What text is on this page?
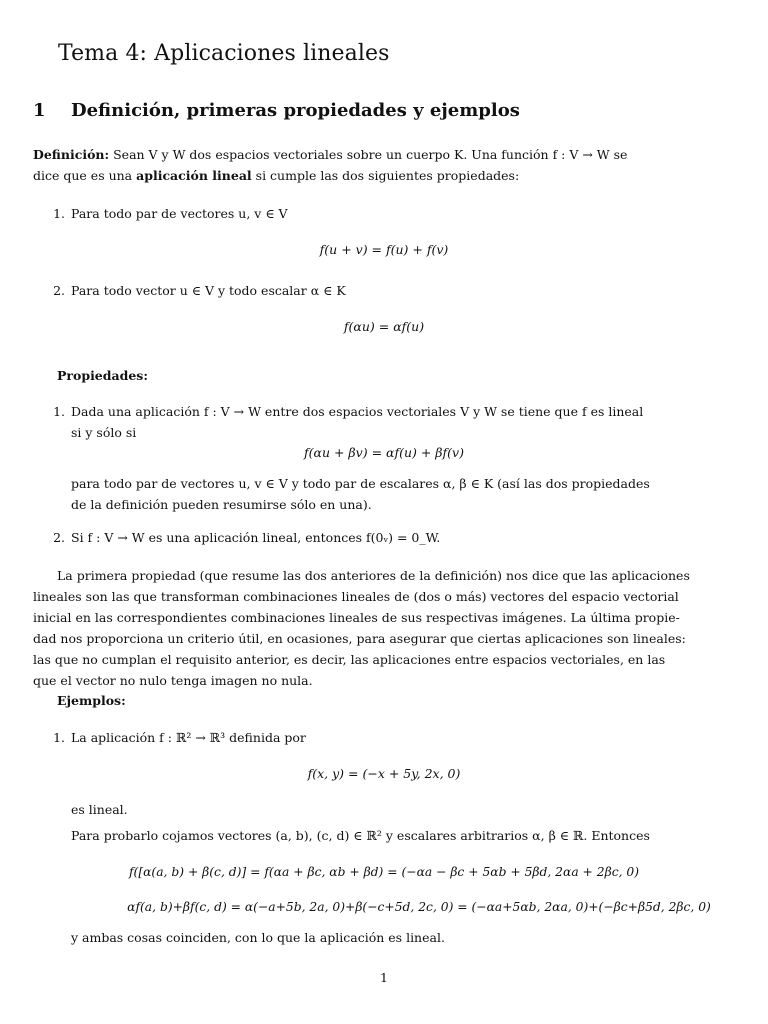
Tema 4: Aplicaciones lineales
1 Definición, primeras propiedades y ejemplos
Definición: Sean V y W dos espacios vectoriales sobre un cuerpo K. Una función f : V → W se
dice que es una aplicación lineal si cumple las dos siguientes propiedades:
1. Para todo par de vectores u, v ∈ V
f(u + v) = f(u) + f(v)
2. Para todo vector u ∈ V y todo escalar α ∈ K
f(αu) = αf(u)
Propiedades:
1. Dada una aplicación f : V → W entre dos espacios vectoriales V y W se tiene que f es lineal
si y sólo si
f(αu + βv) = αf(u) + βf(v)
para todo par de vectores u, v ∈ V y todo par de escalares α, β ∈ K (así las dos propiedades
de la definición pueden resumirse sólo en una).
2. Si f : V → W es una aplicación lineal, entonces f(0ᵥ) = 0_W.
La primera propiedad (que resume las dos anteriores de la definición) nos dice que las aplicaciones
lineales son las que transforman combinaciones lineales de (dos o más) vectores del espacio vectorial
inicial en las correspondientes combinaciones lineales de sus respectivas imágenes. La última propie-
dad nos proporciona un criterio útil, en ocasiones, para asegurar que ciertas aplicaciones son lineales:
las que no cumplan el requisito anterior, es decir, las aplicaciones entre espacios vectoriales, en las
que el vector no nulo tenga imagen no nula.
Ejemplos:
1. La aplicación f : ℝ² → ℝ³ definida por
f(x, y) = (−x + 5y, 2x, 0)
es lineal.
Para probarlo cojamos vectores (a, b), (c, d) ∈ ℝ² y escalares arbitrarios α, β ∈ ℝ. Entonces
f([α(a, b) + β(c, d)] = f(αa + βc, αb + βd) = (−αa − βc + 5αb + 5βd, 2αa + 2βc, 0)
αf(a, b)+βf(c, d) = α(−a+5b, 2a, 0)+β(−c+5d, 2c, 0) = (−αa+5αb, 2αa, 0)+(−βc+β5d, 2βc, 0)
y ambas cosas coinciden, con lo que la aplicación es lineal.
1
